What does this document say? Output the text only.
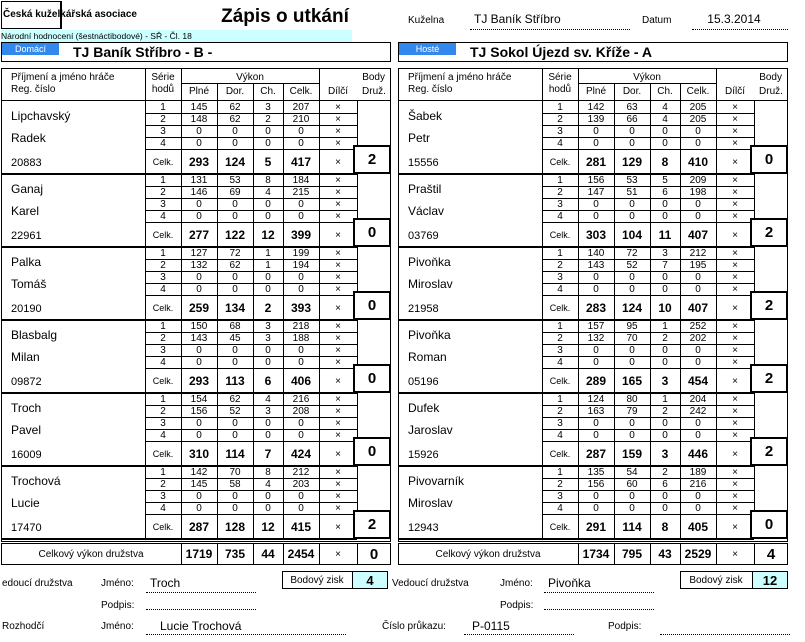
Česká kuželkářská asociace	Zápis o utkání	Kuželna	TJ Baník Stříbro	Datum	15.3.2014
Národní hodnocení (šestnáctibodové) - SŘ - Čl. 18
Domácí	TJ Baník Stříbro - B -
Příjmení a jméno hráče
Reg. číslo
Série
hodů
Výkon
Plné	Dor.	Ch.	Celk.
Body
Dílčí	Druž.
Lipchavský
Radek
20883
1	145	62	3	207	×
2	148	62	2	210	×
3	0	0	0	0	×
4	0	0	0	0	×
Celk.	293	124	5	417	×	2
Ganaj
Karel
22961
1	131	53	8	184	×
2	146	69	4	215	×
3	0	0	0	0	×
4	0	0	0	0	×
Celk.	277	122	12	399	×	0
Palka
Tomáš
20190
1	127	72	1	199	×
2	132	62	1	194	×
3	0	0	0	0	×
4	0	0	0	0	×
Celk.	259	134	2	393	×	0
Blasbalg
Milan
09872
1	150	68	3	218	×
2	143	45	3	188	×
3	0	0	0	0	×
4	0	0	0	0	×
Celk.	293	113	6	406	×	0
Troch
Pavel
16009
1	154	62	4	216	×
2	156	52	3	208	×
3	0	0	0	0	×
4	0	0	0	0	×
Celk.	310	114	7	424	×	0
Trochová
Lucie
17470
1	142	70	8	212	×
2	145	58	4	203	×
3	0	0	0	0	×
4	0	0	0	0	×
Celk.	287	128	12	415	×	2
Celkový výkon družstva	1719	735	44	2454	×	0
Hosté	TJ Sokol Újezd sv. Kříže - A
Příjmení a jméno hráče
Reg. číslo
Série
hodů
Výkon
Plné	Dor.	Ch.	Celk.
Body
Dílčí	Druž.
Šabek
Petr
15556
1	142	63	4	205	×
2	139	66	4	205	×
3	0	0	0	0	×
4	0	0	0	0	×
Celk.	281	129	8	410	×	0
Praštil
Václav
03769
1	156	53	5	209	×
2	147	51	6	198	×
3	0	0	0	0	×
4	0	0	0	0	×
Celk.	303	104	11	407	×	2
Pivoňka
Miroslav
21958
1	140	72	3	212	×
2	143	52	7	195	×
3	0	0	0	0	×
4	0	0	0	0	×
Celk.	283	124	10	407	×	2
Pivoňka
Roman
05196
1	157	95	1	252	×
2	132	70	2	202	×
3	0	0	0	0	×
4	0	0	0	0	×
Celk.	289	165	3	454	×	2
Dufek
Jaroslav
15926
1	124	80	1	204	×
2	163	79	2	242	×
3	0	0	0	0	×
4	0	0	0	0	×
Celk.	287	159	3	446	×	2
Pivovarník
Miroslav
12943
1	135	54	2	189	×
2	156	60	6	216	×
3	0	0	0	0	×
4	0	0	0	0	×
Celk.	291	114	8	405	×	0
Celkový výkon družstva	1734	795	43	2529	×	4
edoucí družstva	Jméno:	Troch
Podpis:
Bodový zisk	4	Vedoucí družstva	Jméno:	Pivoňka
Podpis:
Bodový zisk	12
Rozhodčí	Jméno:	Lucie Trochová	Číslo průkazu:	P-0115	Podpis:
